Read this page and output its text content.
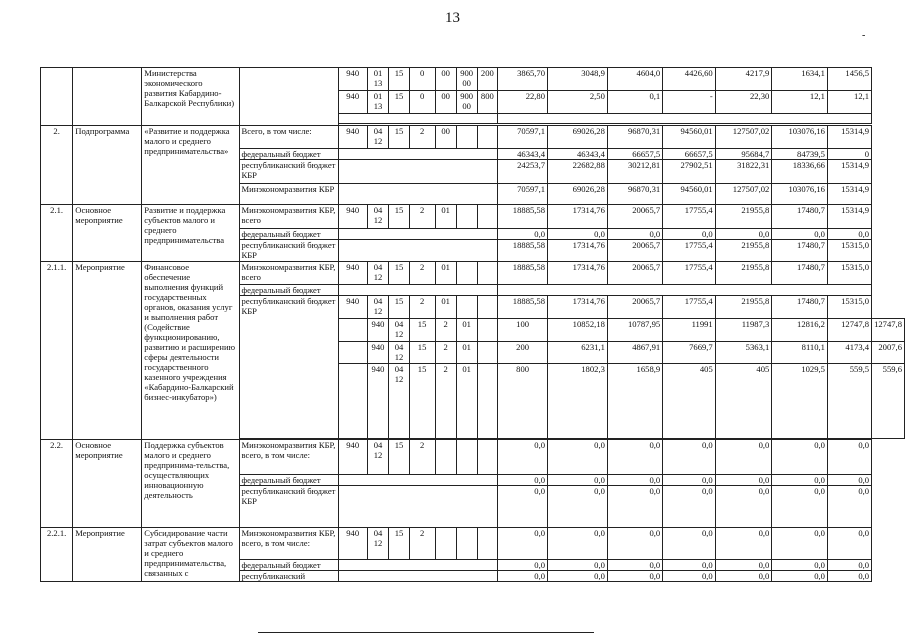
13
-
		Министерства экономического развития Кабардино-Балкарской Республики)		940	01 13	15	0	00	900 00	200	3865,70	3048,9	4604,0	4426,60	4217,9	1634,1	1456,5	
				940	01 13	15	0	00	900 00	800	22,80	2,50	0,1	-	22,30	12,1	12,1	

2.	Подпрограмма	«Развитие и поддержка малого и среднего предпринимательства»	Всего, в том числе:	940	04 12	15	2	00			70597,1	69026,28	96870,31	94560,01	127507,02	103076,16	15314,9	
			федеральный бюджет								46343,4	46343,4	66657,5	66657,5	95684,7	84739,5	0	
			республиканский бюджет КБР								24253,7	22682,88	30212,81	27902,51	31822,31	18336,66	15314,9	
			Минэкономразвития КБР								70597,1	69026,28	96870,31	94560,01	127507,02	103076,16	15314,9	
2.1.	Основное мероприятие	Развитие и поддержка субъектов малого и среднего предпринимательства	Минэкономразвития КБР, всего	940	04 12	15	2	01			18885,58	17314,76	20065,7	17755,4	21955,8	17480,7	15314,9	
			федеральный бюджет								0,0	0,0	0,0	0,0	0,0	0,0	0,0	
			республиканский бюджет КБР								18885,58	17314,76	20065,7	17755,4	21955,8	17480,7	15315,0	
2.1.1.	Мероприятие	Финансовое обеспечение выполнения функций государственных органов, оказания услуг и выполнения работ (Содействие функционированию, развитию и расширению сферы деятельности государственного казенного учреждения «Кабардино-Балкарский бизнес-инкубатор»)	Минэкономразвития КБР, всего	940	04 12	15	2	01			18885,58	17314,76	20065,7	17755,4	21955,8	17480,7	15315,0	
			федеральный бюджет															
			республиканский бюджет КБР	940	04 12	15	2	01			18885,58	17314,76	20065,7	17755,4	21955,8	17480,7	15315,0	
					940	04 12	15	2	01		100	10852,18	10787,95	11991	11987,3	12816,2	12747,8	12747,8
					940	04 12	15	2	01		200	6231,1	4867,91	7669,7	5363,1	8110,1	4173,4	2007,6
					940	04 12	15	2	01		800	1802,3	1658,9	405	405	1029,5	559,5	559,6

2.2.	Основное мероприятие	Поддержка субъектов малого и среднего предпринима-тельства, осуществляющих инновационную деятельность	Минэкономразвития КБР, всего, в том числе:	940	04 12	15	2				0,0	0,0	0,0	0,0	0,0	0,0	0,0	
			федеральный бюджет								0,0	0,0	0,0	0,0	0,0	0,0	0,0	
			республиканский бюджет КБР								0,0	0,0	0,0	0,0	0,0	0,0	0,0	
2.2.1.	Мероприятие	Субсидирование части затрат субъектов малого и среднего предпринимательства, связанных с	Минэкономразвития КБР, всего, в том числе:	940	04 12	15	2				0,0	0,0	0,0	0,0	0,0	0,0	0,0	
			федеральный бюджет								0,0	0,0	0,0	0,0	0,0	0,0	0,0	
			республиканский								0,0	0,0	0,0	0,0	0,0	0,0	0,0	
